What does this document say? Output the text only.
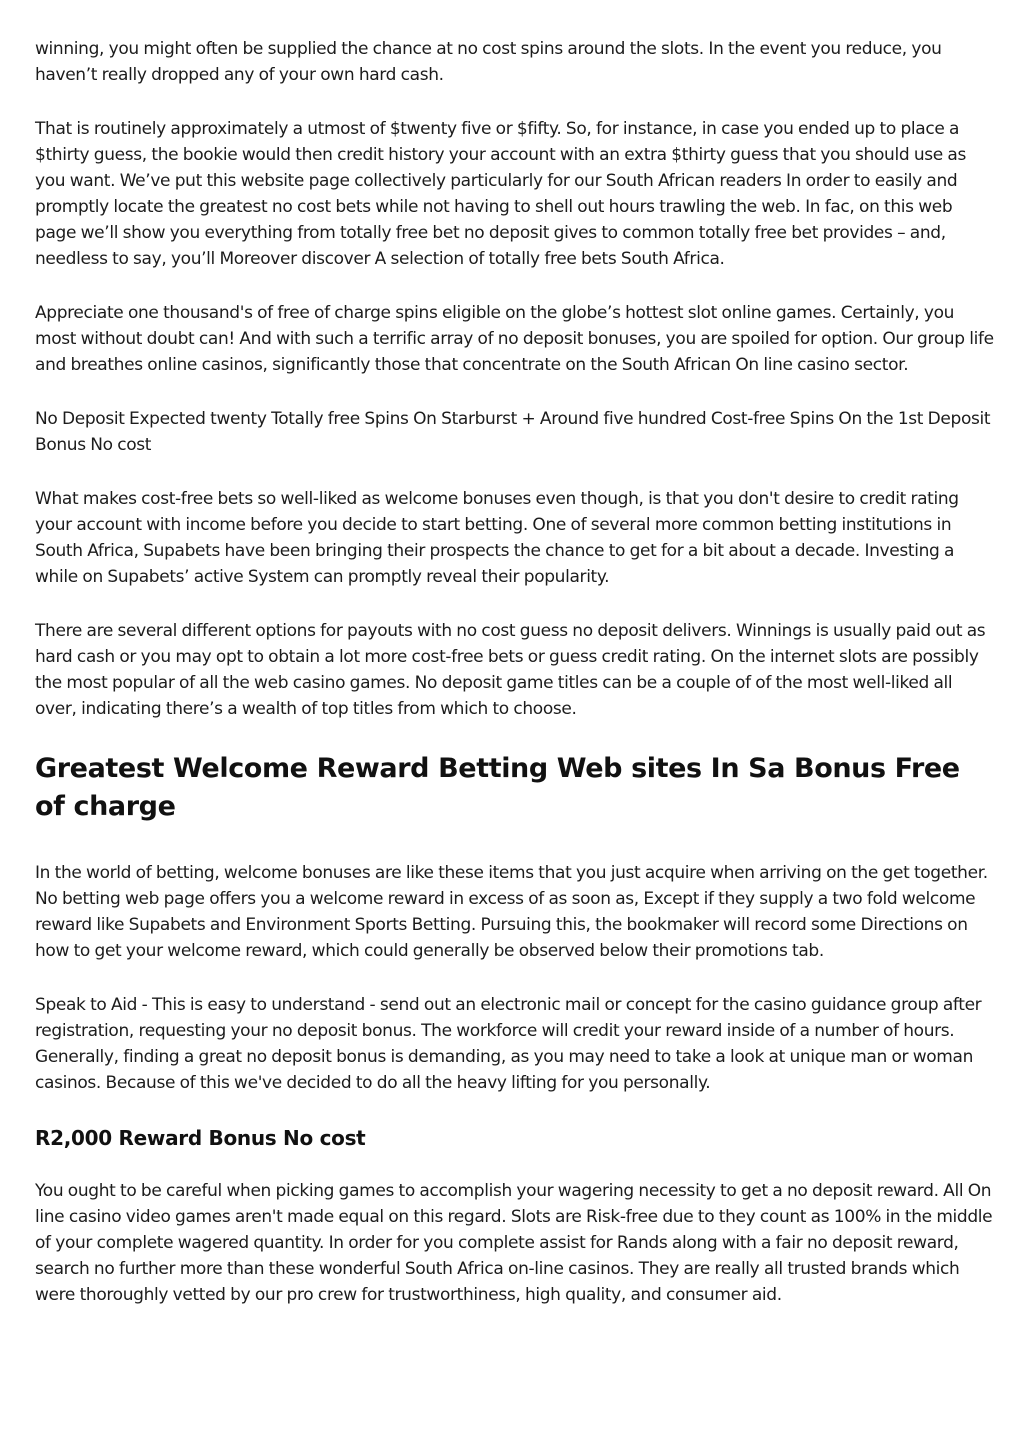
winning, you might often be supplied the chance at no cost spins around the slots. In the event you reduce, you haven’t really dropped any of your own hard cash.

That is routinely approximately a utmost of $twenty five or $fifty. So, for instance, in case you ended up to place a $thirty guess, the bookie would then credit history your account with an extra $thirty guess that you should use as you want. We’ve put this website page collectively particularly for our South African readers In order to easily and promptly locate the greatest no cost bets while not having to shell out hours trawling the web. In fac, on this web page we’ll show you everything from totally free bet no deposit gives to common totally free bet provides – and, needless to say, you’ll Moreover discover A selection of totally free bets South Africa.

Appreciate one thousand's of free of charge spins eligible on the globe’s hottest slot online games. Certainly, you most without doubt can! And with such a terrific array of no deposit bonuses, you are spoiled for option. Our group life and breathes online casinos, significantly those that concentrate on the South African On line casino sector.

No Deposit Expected twenty Totally free Spins On Starburst + Around five hundred Cost-free Spins On the 1st Deposit Bonus No cost

What makes cost-free bets so well-liked as welcome bonuses even though, is that you don't desire to credit rating your account with income before you decide to start betting. One of several more common betting institutions in South Africa, Supabets have been bringing their prospects the chance to get for a bit about a decade. Investing a while on Supabets’ active System can promptly reveal their popularity.

There are several different options for payouts with no cost guess no deposit delivers. Winnings is usually paid out as hard cash or you may opt to obtain a lot more cost-free bets or guess credit rating. On the internet slots are possibly the most popular of all the web casino games. No deposit game titles can be a couple of of the most well-liked all over, indicating there’s a wealth of top titles from which to choose.

Greatest Welcome Reward Betting Web sites In Sa Bonus Free of charge

In the world of betting, welcome bonuses are like these items that you just acquire when arriving on the get together. No betting web page offers you a welcome reward in excess of as soon as, Except if they supply a two fold welcome reward like Supabets and Environment Sports Betting. Pursuing this, the bookmaker will record some Directions on how to get your welcome reward, which could generally be observed below their promotions tab.

Speak to Aid - This is easy to understand - send out an electronic mail or concept for the casino guidance group after registration, requesting your no deposit bonus. The workforce will credit your reward inside of a number of hours. Generally, finding a great no deposit bonus is demanding, as you may need to take a look at unique man or woman casinos. Because of this we've decided to do all the heavy lifting for you personally.

R2,000 Reward Bonus No cost

You ought to be careful when picking games to accomplish your wagering necessity to get a no deposit reward. All On line casino video games aren't made equal on this regard. Slots are Risk-free due to they count as 100% in the middle of your complete wagered quantity. In order for you complete assist for Rands along with a fair no deposit reward, search no further more than these wonderful South Africa on-line casinos. They are really all trusted brands which were thoroughly vetted by our pro crew for trustworthiness, high quality, and consumer aid.
